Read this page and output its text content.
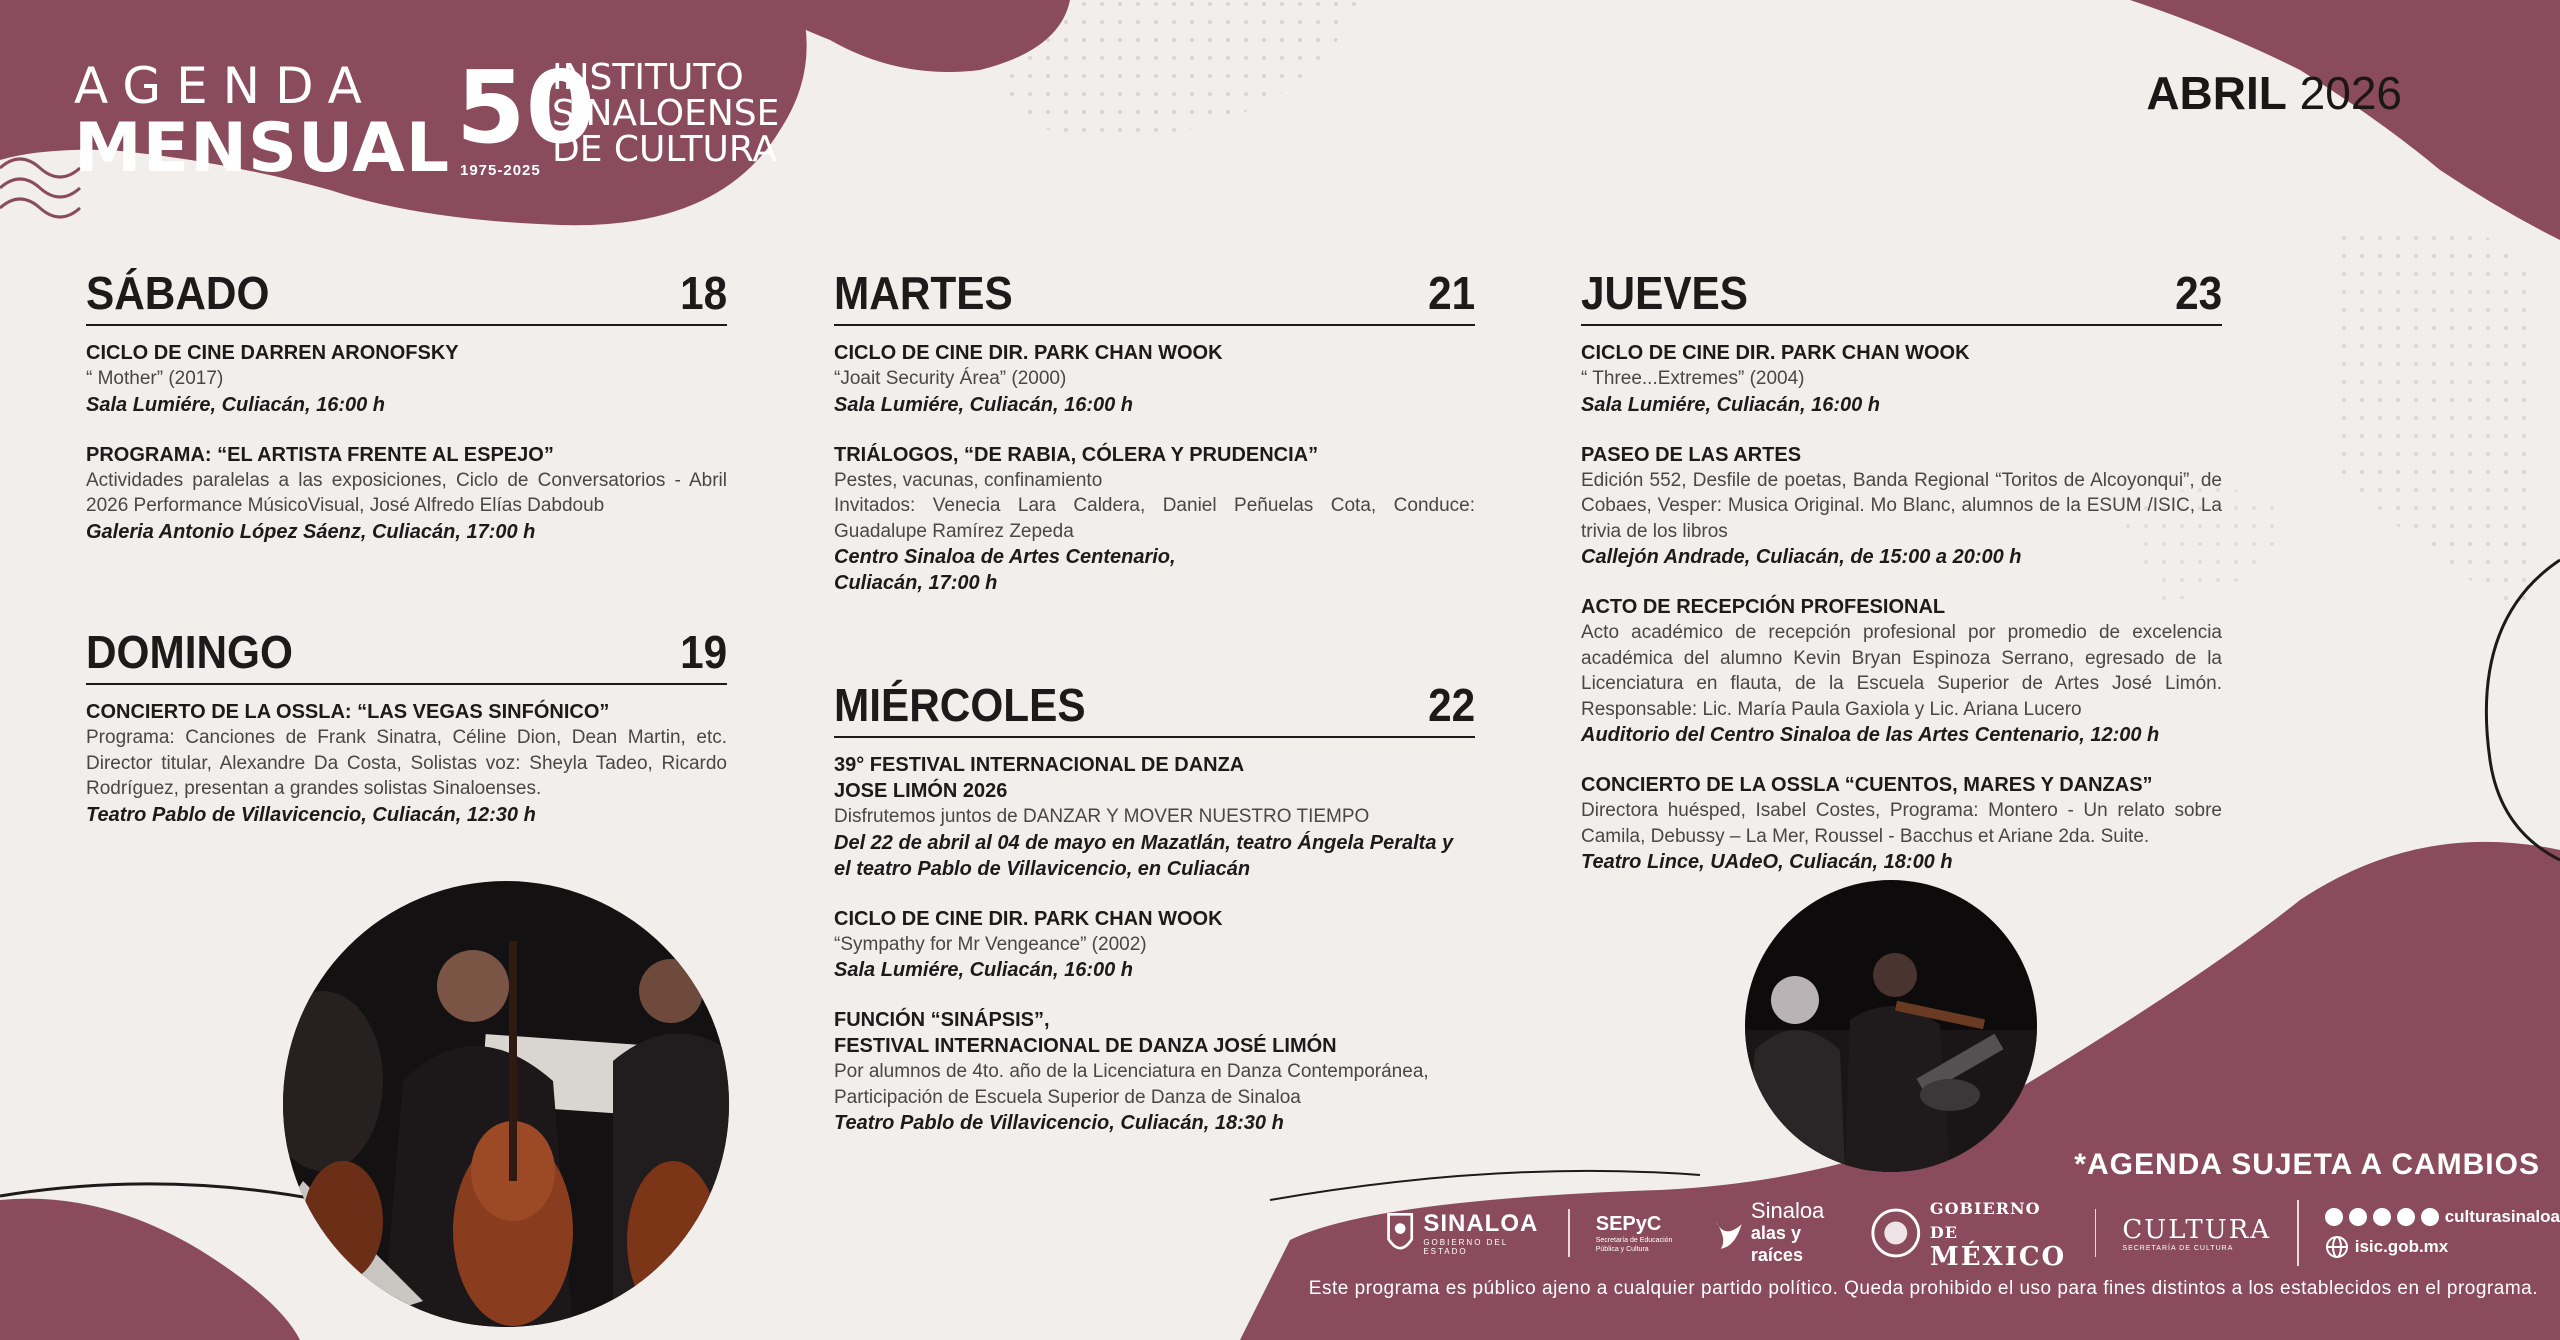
AGENDA
MENSUAL 50
1975-2025
INSTITUTO
SINALOENSE
DE CULTURA
ABRIL 2026
SÁBADO	18
CICLO DE CINE DARREN ARONOFSKY
“ Mother” (2017)
Sala Lumiére, Culiacán, 16:00 h
PROGRAMA: “EL ARTISTA FRENTE AL ESPEJO”
Actividades paralelas a las exposiciones, Ciclo de Conversatorios - Abril 2026 Performance MúsicoVisual, José Alfredo Elías Dabdoub
Galeria Antonio López Sáenz, Culiacán, 17:00 h
DOMINGO	19
CONCIERTO DE LA OSSLA: “LAS VEGAS SINFÓNICO”
Programa: Canciones de Frank Sinatra, Céline Dion, Dean Martin, etc. Director titular, Alexandre Da Costa, Solistas voz: Sheyla Tadeo, Ricardo Rodríguez, presentan a grandes solistas Sinaloenses.
Teatro Pablo de Villavicencio, Culiacán, 12:30 h
MARTES	21
CICLO DE CINE DIR. PARK CHAN WOOK
“Joait Security Área” (2000)
Sala Lumiére, Culiacán, 16:00 h
TRIÁLOGOS, “DE RABIA, CÓLERA Y PRUDENCIA”
Pestes, vacunas, confinamiento
Invitados: Venecia Lara Caldera, Daniel Peñuelas Cota, Conduce: Guadalupe Ramírez Zepeda
Centro Sinaloa de Artes Centenario,
Culiacán, 17:00 h
MIÉRCOLES	22
39° FESTIVAL INTERNACIONAL DE DANZA
JOSE LIMÓN 2026
Disfrutemos juntos de DANZAR Y MOVER NUESTRO TIEMPO
Del 22 de abril al 04 de mayo en Mazatlán, teatro Ángela Peralta y el teatro Pablo de Villavicencio, en Culiacán
CICLO DE CINE DIR. PARK CHAN WOOK
“Sympathy for Mr Vengeance” (2002)
Sala Lumiére, Culiacán, 16:00 h
FUNCIÓN “SINÁPSIS”,
FESTIVAL INTERNACIONAL DE DANZA JOSÉ LIMÓN
Por alumnos de 4to. año de la Licenciatura en Danza Contemporánea, Participación de Escuela Superior de Danza de Sinaloa
Teatro Pablo de Villavicencio, Culiacán, 18:30 h
JUEVES	23
CICLO DE CINE DIR. PARK CHAN WOOK
“ Three...Extremes” (2004)
Sala Lumiére, Culiacán, 16:00 h
PASEO DE LAS ARTES
Edición 552, Desfile de poetas, Banda Regional “Toritos de Alcoyonqui”, de Cobaes, Vesper: Musica Original. Mo Blanc, alumnos de la ESUM /ISIC, La trivia de los libros
Callejón Andrade, Culiacán, de 15:00 a 20:00 h
ACTO DE RECEPCIÓN PROFESIONAL
Acto académico de recepción profesional por promedio de excelencia académica del alumno Kevin Bryan Espinoza Serrano, egresado de la Licenciatura en flauta, de la Escuela Superior de Artes José Limón. Responsable: Lic. María Paula Gaxiola y Lic. Ariana Lucero
Auditorio del Centro Sinaloa de las Artes Centenario, 12:00 h
CONCIERTO DE LA OSSLA “CUENTOS, MARES Y DANZAS”
Directora huésped, Isabel Costes, Programa: Montero - Un relato sobre Camila, Debussy – La Mer, Roussel - Bacchus et Ariane 2da. Suite.
Teatro Lince, UAdeO, Culiacán, 18:00 h
*AGENDA SUJETA A CAMBIOS
SINALOA
GOBIERNO DEL ESTADO
SEPyC
Secretaría de Educación Pública y Cultura
Sinaloa
alas y raíces
GOBIERNO DE
MÉXICO
CULTURA
SECRETARÍA DE CULTURA
culturasinaloa
isic.gob.mx
Este programa es público ajeno a cualquier partido político. Queda prohibido el uso para fines distintos a los establecidos en el programa.
